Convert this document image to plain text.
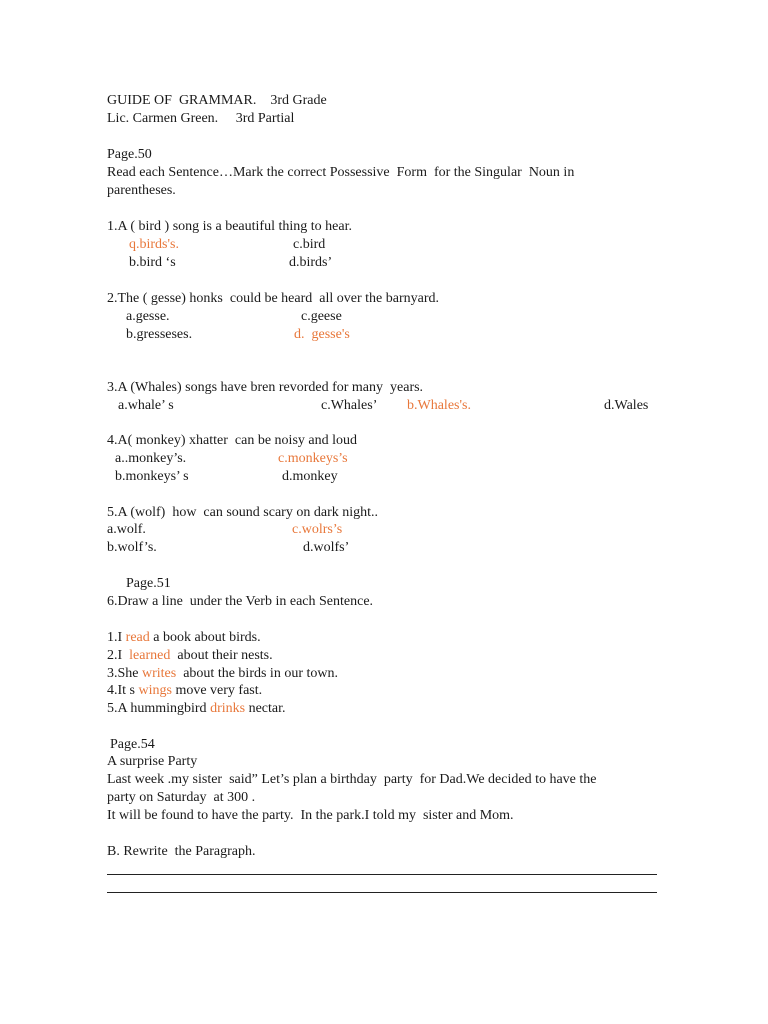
GUIDE OF  GRAMMAR. 3rd Grade
Lic. Carmen Green. 3rd Partial
Page.50
Read each Sentence…Mark the correct Possessive  Form  for the Singular  Noun in
parentheses.
1.A ( bird ) song is a beautiful thing to hear.
q.birds's.	c.bird
b.bird ‘s	d.birds’
2.The ( gesse) honks  could be heard  all over the barnyard.
a.gesse.	c.geese
b.gresseses.	d.  gesse's
3.A (Whales) songs have bren revorded for many  years.
a.whale’ s	c.Whales’ b.Whales's.	d.Wales
4.A( monkey) xhatter  can be noisy and loud
a..monkey’s.	c.monkeys’s
b.monkeys’ s	d.monkey
5.A (wolf)  how  can sound scary on dark night..
a.wolf.	c.wolrs’s
b.wolf’s.	d.wolfs’
Page.51
6.Draw a line  under the Verb in each Sentence.
1.I read a book about birds.
2.I  learned  about their nests.
3.She writes  about the birds in our town.
4.It s wings move very fast.
5.A hummingbird drinks nectar.
Page.54
A surprise Party
Last week .my sister  said” Let’s plan a birthday  party  for Dad.We decided to have the
party on Saturday  at 300 .
It will be found to have the party.  In the park.I told my  sister and Mom.
B. Rewrite  the Paragraph.
